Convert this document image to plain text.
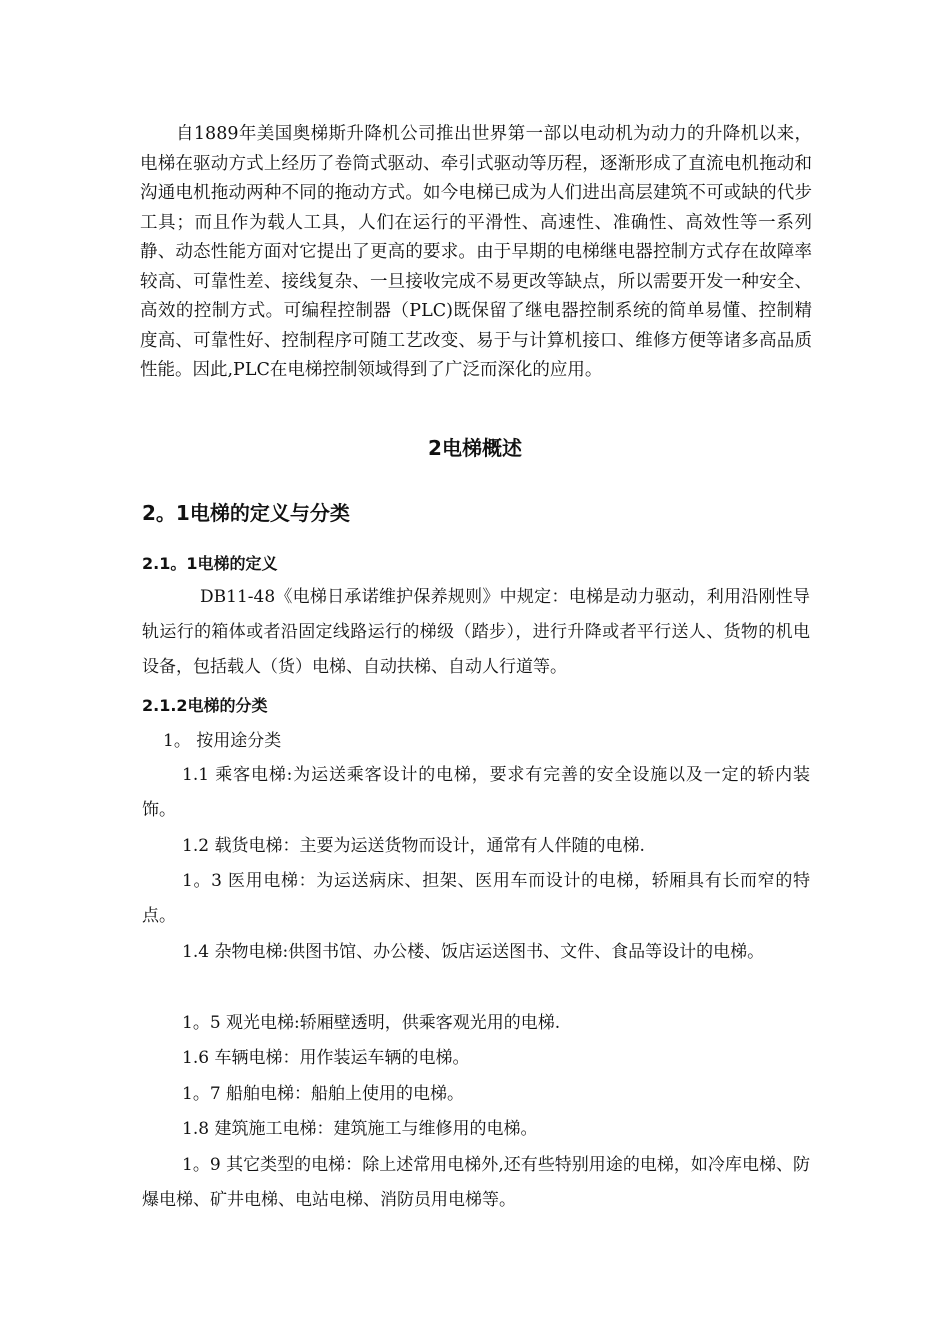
自1889年美国奥梯斯升降机公司推出世界第一部以电动机为动力的升降机以来，电梯在驱动方式上经历了卷筒式驱动、牵引式驱动等历程，逐渐形成了直流电机拖动和沟通电机拖动两种不同的拖动方式。如今电梯已成为人们进出高层建筑不可或缺的代步工具；而且作为载人工具，人们在运行的平滑性、高速性、准确性、高效性等一系列静、动态性能方面对它提出了更高的要求。由于早期的电梯继电器控制方式存在故障率较高、可靠性差、接线复杂、一旦接收完成不易更改等缺点，所以需要开发一种安全、高效的控制方式。可编程控制器（PLC)既保留了继电器控制系统的简单易懂、控制精度高、可靠性好、控制程序可随工艺改变、易于与计算机接口、维修方便等诸多高品质性能。因此,PLC在电梯控制领域得到了广泛而深化的应用。

2电梯概述
2。1电梯的定义与分类
2.1。1电梯的定义

DB11-48《电梯日承诺维护保养规则》中规定：电梯是动力驱动，利用沿刚性导轨运行的箱体或者沿固定线路运行的梯级（踏步），进行升降或者平行送人、货物的机电设备，包括载人（货）电梯、自动扶梯、自动人行道等。

2.1.2电梯的分类

1。 按用途分类

1.1 乘客电梯:为运送乘客设计的电梯，要求有完善的安全设施以及一定的轿内装饰。

1.2 载货电梯：主要为运送货物而设计，通常有人伴随的电梯.

1。3 医用电梯：为运送病床、担架、医用车而设计的电梯，轿厢具有长而窄的特点。

1.4 杂物电梯:供图书馆、办公楼、饭店运送图书、文件、食品等设计的电梯。

1。5 观光电梯:轿厢壁透明，供乘客观光用的电梯.

1.6 车辆电梯：用作装运车辆的电梯。

1。7 船舶电梯：船舶上使用的电梯。

1.8 建筑施工电梯：建筑施工与维修用的电梯。

1。9 其它类型的电梯：除上述常用电梯外,还有些特别用途的电梯，如冷库电梯、防爆电梯、矿井电梯、电站电梯、消防员用电梯等。
